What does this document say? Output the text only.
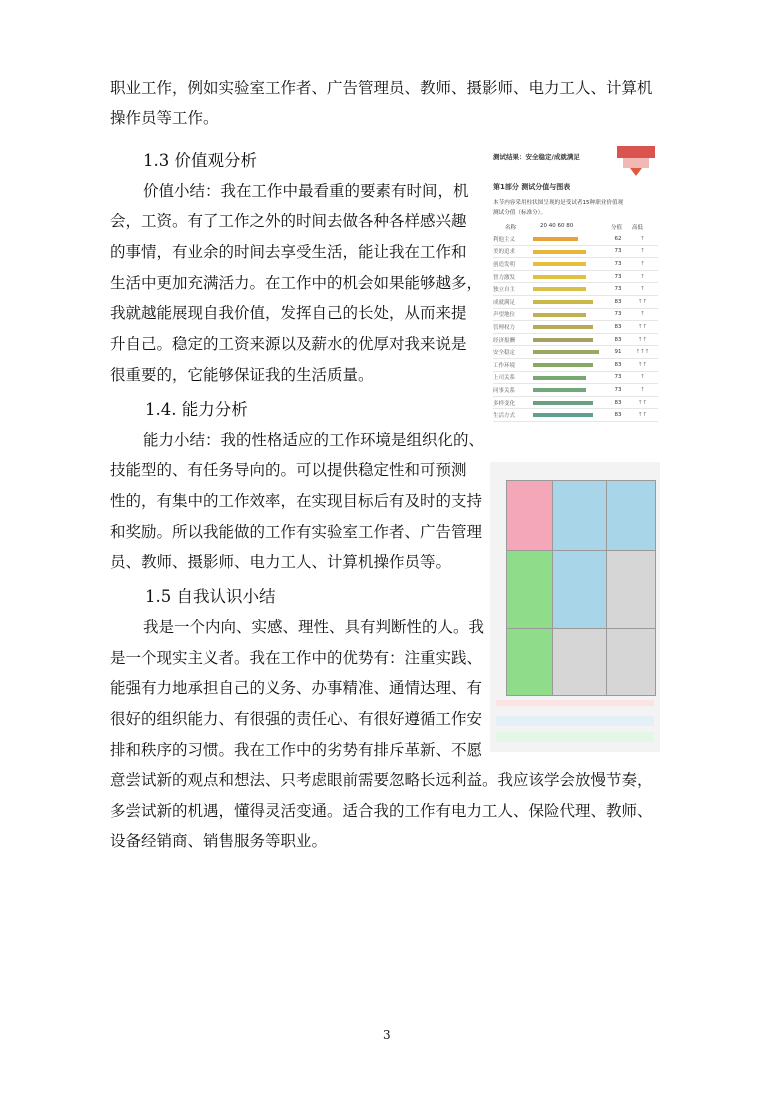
职业工作，例如实验室工作者、广告管理员、教师、摄影师、电力工人、计算机
操作员等工作。
1.3 价值观分析
价值小结：我在工作中最看重的要素有时间，机
会，工资。有了工作之外的时间去做各种各样感兴趣
的事情，有业余的时间去享受生活，能让我在工作和
生活中更加充满活力。在工作中的机会如果能够越多，
我就越能展现自我价值，发挥自己的长处，从而来提
升自己。稳定的工资来源以及薪水的优厚对我来说是
很重要的，它能够保证我的生活质量。
1.4. 能力分析
能力小结：我的性格适应的工作环境是组织化的、
技能型的、有任务导向的。可以提供稳定性和可预测
性的，有集中的工作效率，在实现目标后有及时的支持
和奖励。所以我能做的工作有实验室工作者、广告管理
员、教师、摄影师、电力工人、计算机操作员等。
1.5 自我认识小结
我是一个内向、实感、理性、具有判断性的人。我
是一个现实主义者。我在工作中的优势有：注重实践、
能强有力地承担自己的义务、办事精准、通情达理、有
很好的组织能力、有很强的责任心、有很好遵循工作安
排和秩序的习惯。我在工作中的劣势有排斥革新、不愿
意尝试新的观点和想法、只考虑眼前需要忽略长远利益。我应该学会放慢节奏，
多尝试新的机遇，懂得灵活变通。适合我的工作有电力工人、保险代理、教师、
设备经销商、销售服务等职业。
测试结果：安全稳定/成就满足
第1部分 测试分值与图表
本节内容采用柱状图呈现的是受试者15种职业价值观
测试分值（标准分）。
名称	20 40 60 80	分值 高低
利他主义		62	↑
美的追求		73	↑
创造发明		73	↑
智力激发		73	↑
独立自主		73	↑
成就满足		83	↑↑
声望地位		73	↑
管理权力		83	↑↑
经济报酬		83	↑↑
安全稳定		91	↑↑↑
工作环境		83	↑↑
上司关系		73	↑
同事关系		73	↑
多样变化		83	↑↑
生活方式		83	↑↑
3
